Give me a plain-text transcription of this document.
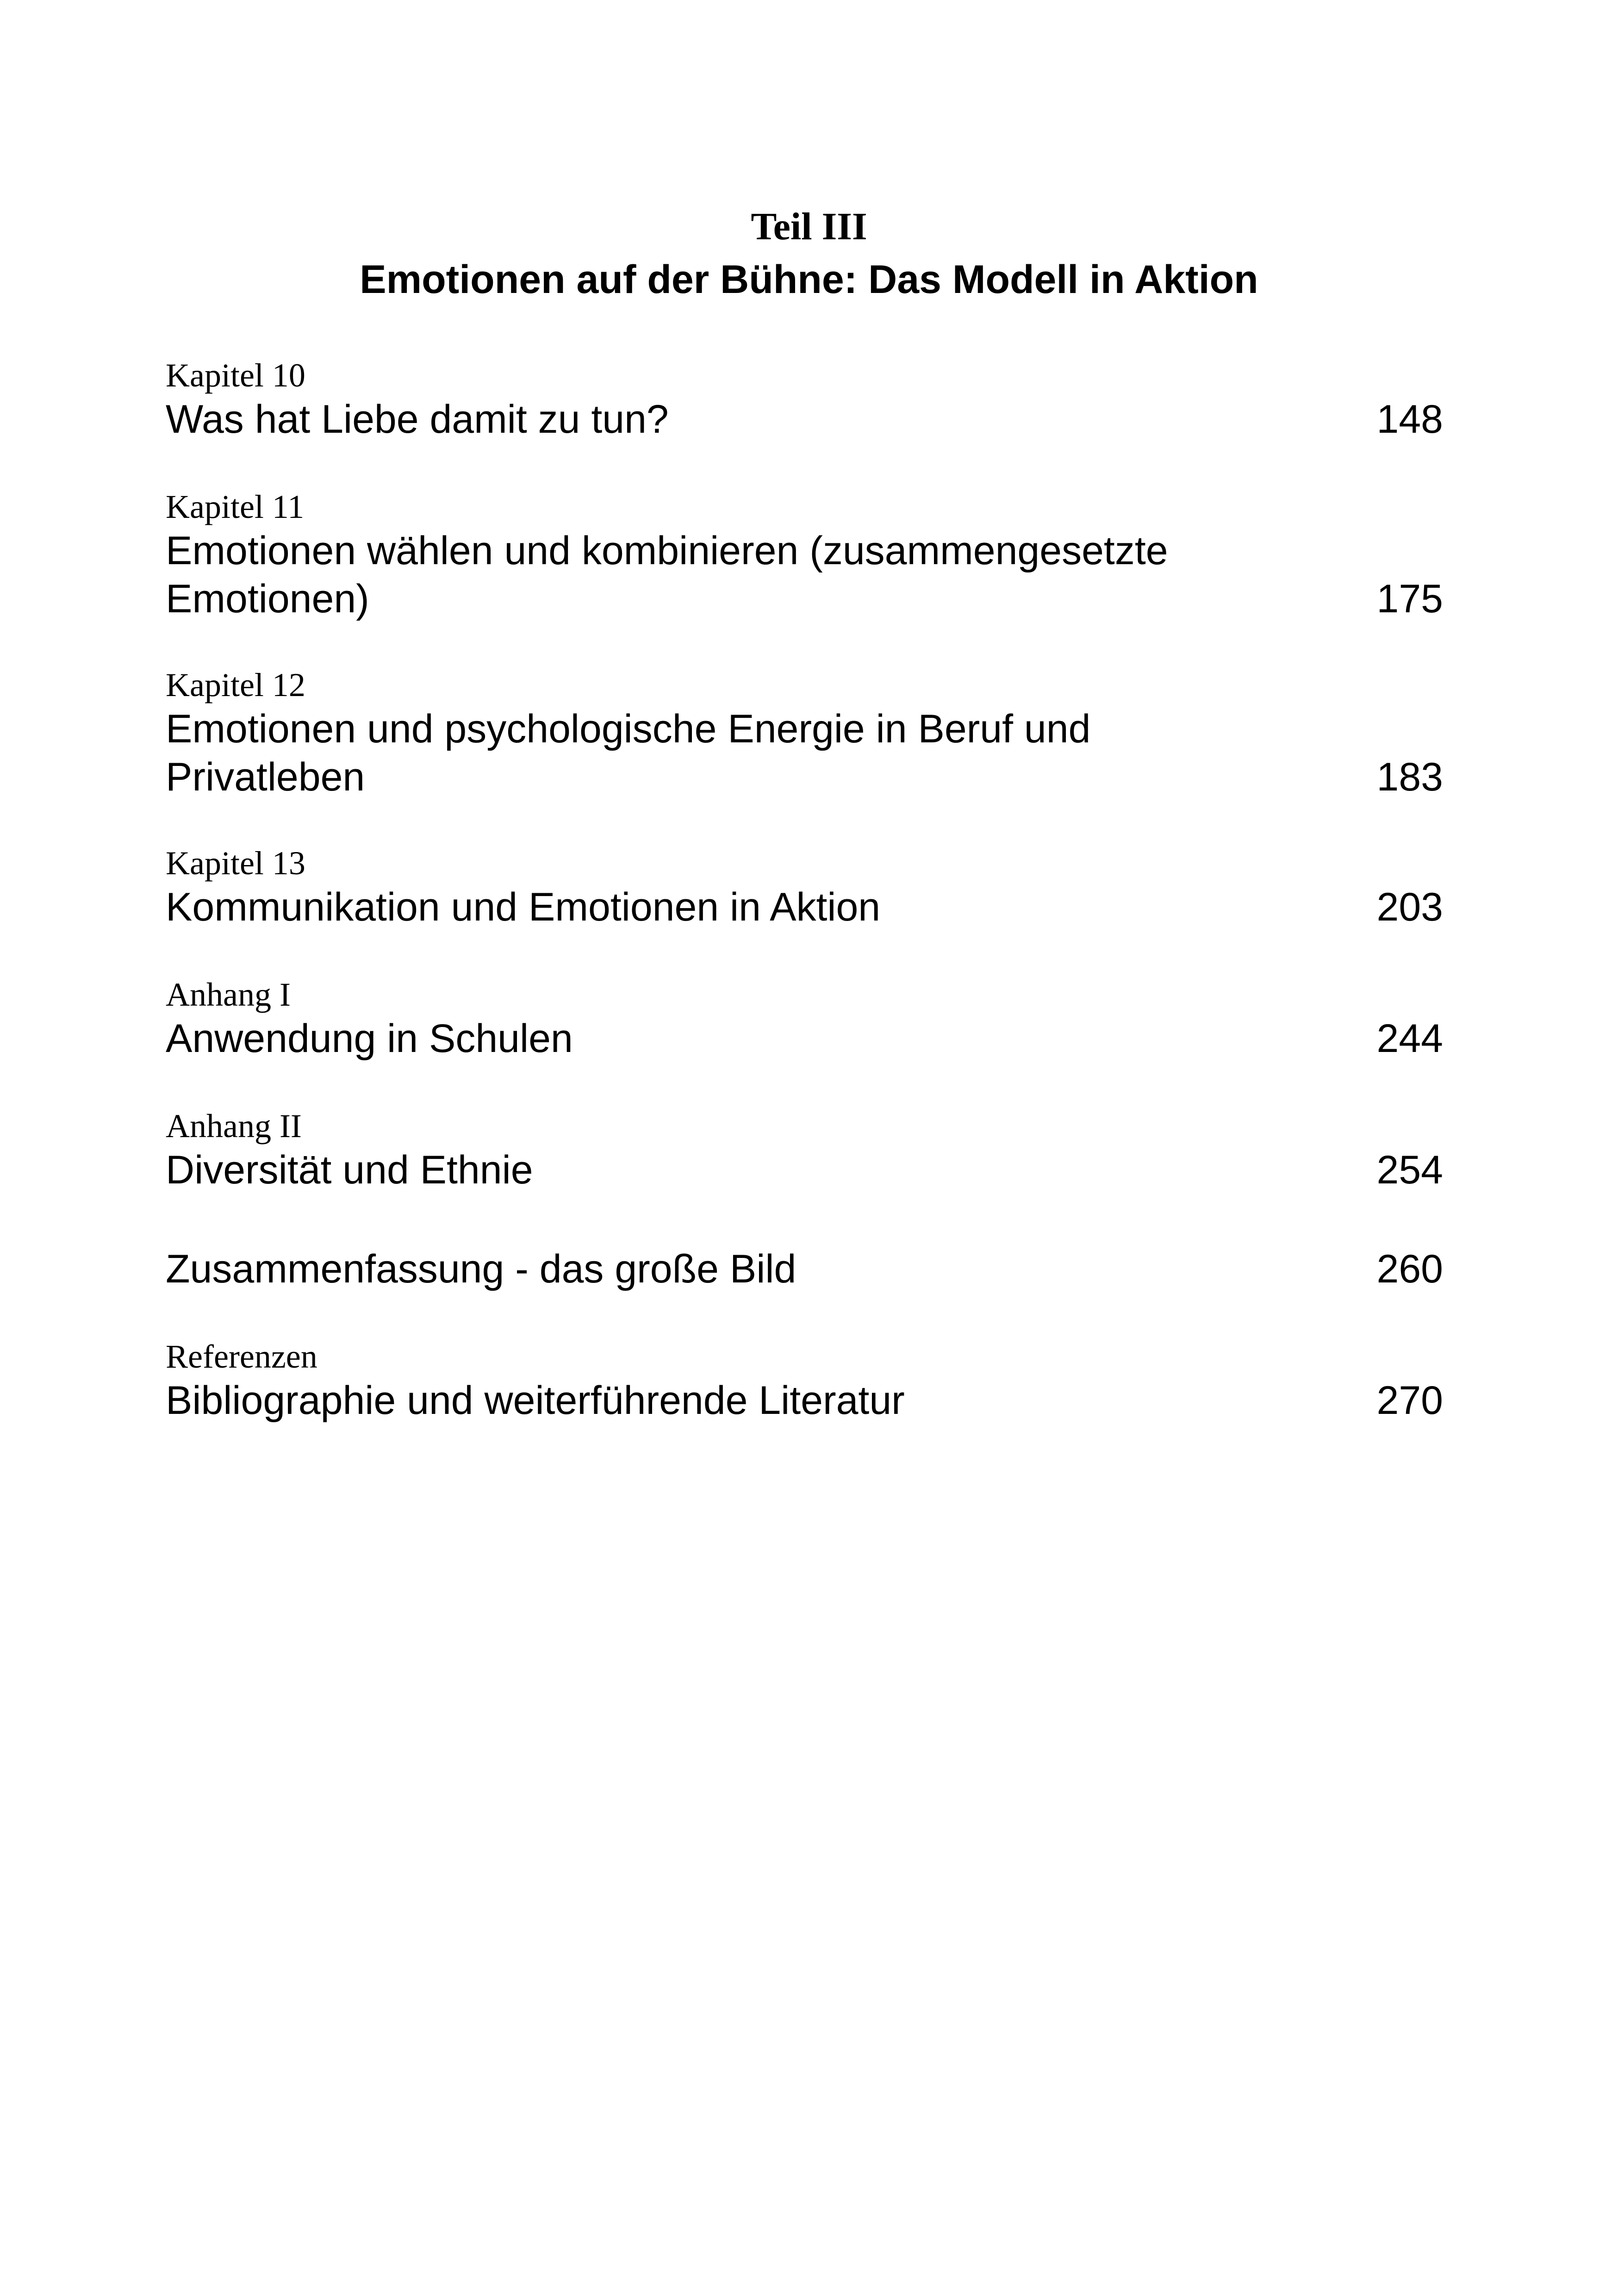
Teil III
Emotionen auf der Bühne: Das Modell in Aktion
Kapitel 10
Was hat Liebe damit zu tun?	148
Kapitel 11
Emotionen wählen und kombinieren (zusammengesetzte Emotionen)	175
Kapitel 12
Emotionen und psychologische Energie in Beruf und Privatleben	183
Kapitel 13
Kommunikation und Emotionen in Aktion	203
Anhang I
Anwendung in Schulen	244
Anhang II
Diversität und Ethnie	254
Zusammenfassung - das große Bild	260
Referenzen
Bibliographie und weiterführende Literatur	270
